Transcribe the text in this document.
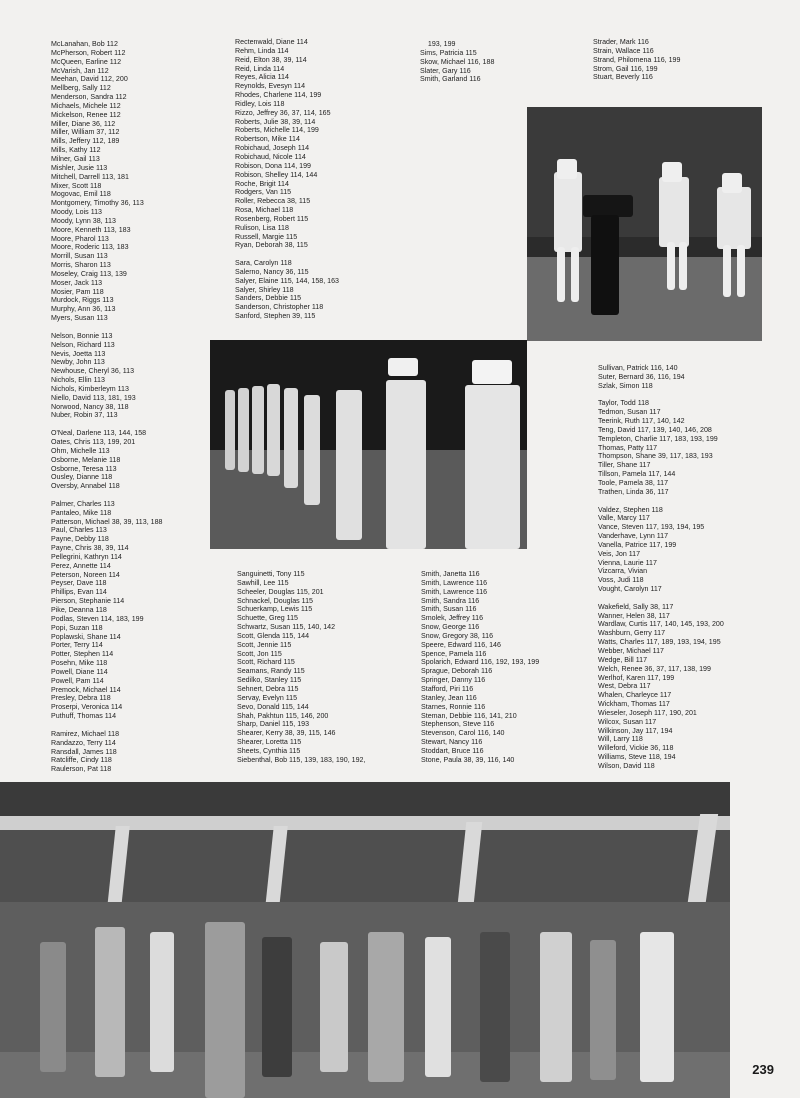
McLanahan, Bob 112
McPherson, Robert 112
McQueen, Earline 112
McVarish, Jan 112
Meehan, David 112, 200
Mellberg, Sally 112
Menderson, Sandra 112
Michaels, Michele 112
Mickelson, Renee 112
Miller, Diane 36, 112
Miller, William 37, 112
Mills, Jeffery 112, 189
Mills, Kathy 112
Milner, Gail 113
Mishler, Jusie 113
Mitchell, Darrell 113, 181
Mixer, Scott 118
Mogovac, Emil 118
Montgomery, Timothy 36, 113
Moody, Lois 113
Moody, Lynn 38, 113
Moore, Kenneth 113, 183
Moore, Pharol 113
Moore, Roderic 113, 183
Morrill, Susan 113
Morris, Sharon 113
Moseley, Craig 113, 139
Moser, Jack 113
Mosier, Pam 118
Murdock, Riggs 113
Murphy, Ann 36, 113
Myers, Susan 113
Nelson, Bonnie 113
Nelson, Richard 113
Nevis, Joetta 113
Newby, John 113
Newhouse, Cheryl 36, 113
Nichols, Ellin 113
Nichols, Kimberleym 113
Niello, David 113, 181, 193
Norwood, Nancy 38, 118
Nuber, Robin 37, 113
O'Neal, Darlene 113, 144, 158
Oates, Chris 113, 199, 201
Ohm, Michelle 113
Osborne, Melanie 118
Osborne, Teresa 113
Ousley, Dianne 118
Oversby, Annabel 118
Palmer, Charles 113
Pantaleo, Mike 118
Patterson, Michael 38, 39, 113, 188
Paul, Charles 113
Payne, Debby 118
Payne, Chris 38, 39, 114
Pellegrini, Kathryn 114
Perez, Annette 114
Peterson, Noreen 114
Peyser, Dave 118
Phillips, Evan 114
Pierson, Stephanie 114
Pike, Deanna 118
Podlas, Steven 114, 183, 199
Popi, Suzan 118
Poplawski, Shane 114
Porter, Terry 114
Potter, Stephen 114
Posehn, Mike 118
Powell, Diane 114
Powell, Pam 114
Premock, Michael 114
Presley, Debra 118
Proserpi, Veronica 114
Puthuff, Thomas 114
Ramirez, Michael 118
Randazzo, Terry 114
Ransdall, James 118
Ratcliffe, Cindy 118
Raulerson, Pat 118
Rectenwald, Diane 114
Rehm, Linda 114
Reid, Elton 38, 39, 114
Reid, Linda 114
Reyes, Alicia 114
Reynolds, Evesyn 114
Rhodes, Charlene 114, 199
Ridley, Lois 118
Rizzo, Jeffrey 36, 37, 114, 165
Roberts, Julie 38, 39, 114
Roberts, Michelle 114, 199
Robertson, Mike 114
Robichaud, Joseph 114
Robichaud, Nicole 114
Robison, Dona 114, 199
Robison, Shelley 114, 144
Roche, Brigit 114
Rodgers, Van 115
Roller, Rebecca 38, 115
Rosa, Michael 118
Rosenberg, Robert 115
Rulison, Lisa 118
Russell, Margie 115
Ryan, Deborah 38, 115
Sara, Carolyn 118
Salerno, Nancy 36, 115
Salyer, Elaine 115, 144, 158, 163
Salyer, Shirley 118
Sanders, Debbie 115
Sanderson, Christopher 118
Sanford, Stephen 39, 115
Sanguinetti, Tony 115
Sawhill, Lee 115
Scheeler, Douglas 115, 201
Schnackel, Douglas 115
Schuerkamp, Lewis 115
Schuette, Greg 115
Schwartz, Susan 115, 140, 142
Scott, Glenda 115, 144
Scott, Jennie 115
Scott, Jon 115
Scott, Richard 115
Seamans, Randy 115
Sedilko, Stanley 115
Sehnert, Debra 115
Servay, Evelyn 115
Sevo, Donald 115, 144
Shah, Pakhtun 115, 146, 200
Sharp, Daniel 115, 193
Shearer, Kerry 38, 39, 115, 146
Shearer, Loretta 115
Sheets, Cynthia 115
Siebenthal, Bob 115, 139, 183, 190, 192,
193, 199
Sims, Patricia 115
Skow, Michael 116, 188
Slater, Gary 116
Smith, Garland 116
Smith, Janetta 116
Smith, Lawrence 116
Smith, Lawrence 116
Smith, Sandra 116
Smith, Susan 116
Smolek, Jeffrey 116
Snow, George 116
Snow, Gregory 38, 116
Speere, Edward 116, 146
Spence, Pamela 116
Spolarich, Edward 116, 192, 193, 199
Sprague, Deborah 116
Springer, Danny 116
Stafford, Piri 116
Stanley, Jean 116
Starnes, Ronnie 116
Steman, Debbie 116, 141, 210
Stephenson, Steve 116
Stevenson, Carol 116, 140
Stewart, Nancy 116
Stoddart, Bruce 116
Stone, Paula 38, 39, 116, 140
Strader, Mark 116
Strain, Wallace 116
Strand, Philomena 116, 199
Strom, Gail 116, 199
Stuart, Beverly 116
Sullivan, Patrick 116, 140
Suter, Bernard 36, 116, 194
Szlak, Simon 118
Taylor, Todd 118
Tedmon, Susan 117
Teerink, Ruth 117, 140, 142
Teng, David 117, 139, 140, 146, 208
Templeton, Charlie 117, 183, 193, 199
Thomas, Patty 117
Thompson, Shane 39, 117, 183, 193
Tiller, Shane 117
Tillson, Pamela 117, 144
Toole, Pamela 38, 117
Trathen, Linda 36, 117
Valdez, Stephen 118
Valle, Marcy 117
Vance, Steven 117, 193, 194, 195
Vanderhave, Lynn 117
Vanella, Patrice 117, 199
Veis, Jon 117
Vienna, Laurie 117
Vizcarra, Vivian
Voss, Judi 118
Vought, Carolyn 117
Wakefield, Sally 38, 117
Wanner, Helen 38, 117
Wardlaw, Curtis 117, 140, 145, 193, 200
Washburn, Gerry 117
Watts, Charles 117, 189, 193, 194, 195
Webber, Michael 117
Wedge, Bill 117
Welch, Renee 36, 37, 117, 138, 199
Werlhof, Karen 117, 199
West, Debra 117
Whalen, Charleyce 117
Wickham, Thomas 117
Wieseler, Joseph 117, 190, 201
Wilcox, Susan 117
Wilkinson, Jay 117, 194
Will, Larry 118
Willeford, Vickie 36, 118
Williams, Steve 118, 194
Wilson, David 118
239
